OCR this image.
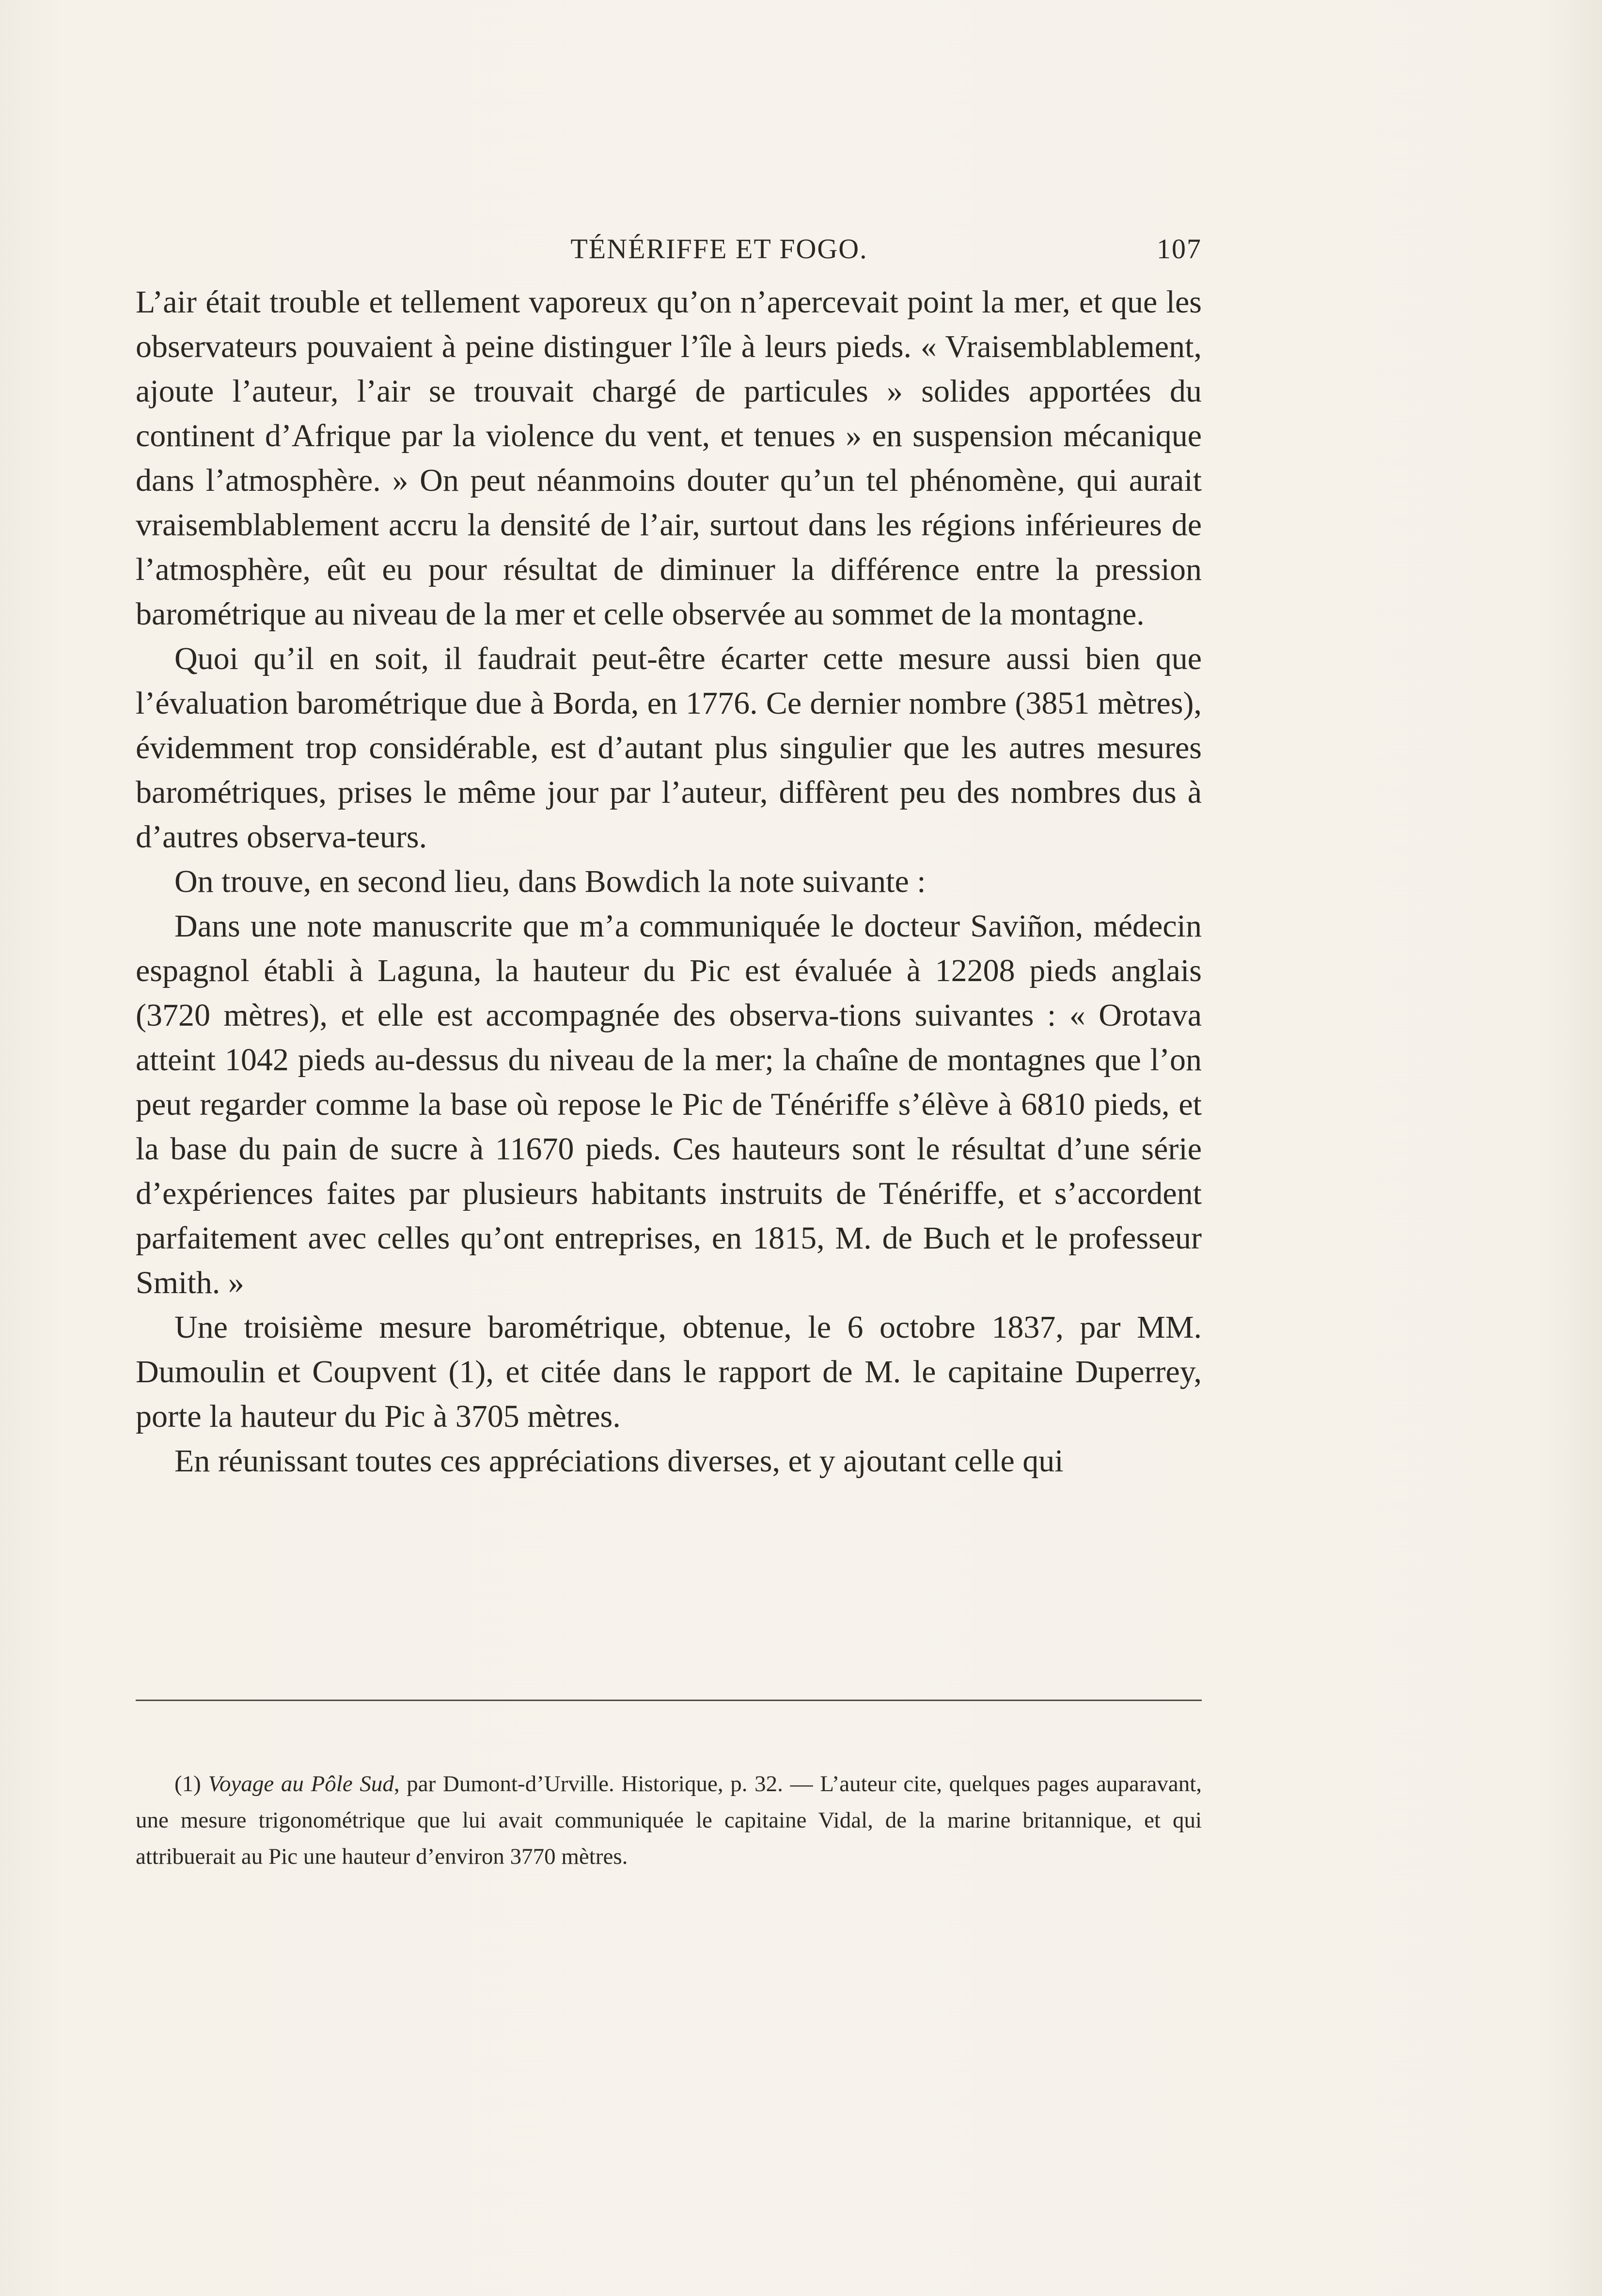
TÉNÉRIFFE ET FOGO.	107

L’air était trouble et tellement vaporeux qu’on n’apercevait point la mer, et que les observateurs pouvaient à peine distinguer l’île à leurs pieds. « Vraisemblablement, ajoute l’auteur, l’air se trouvait chargé de particules » solides apportées du continent d’Afrique par la violence du vent, et tenues » en suspension mécanique dans l’atmosphère. » On peut néanmoins douter qu’un tel phénomène, qui aurait vraisemblablement accru la densité de l’air, surtout dans les régions inférieures de l’atmosphère, eût eu pour résultat de diminuer la différence entre la pression barométrique au niveau de la mer et celle observée au sommet de la montagne.

Quoi qu’il en soit, il faudrait peut-être écarter cette mesure aussi bien que l’évaluation barométrique due à Borda, en 1776. Ce dernier nombre (3851 mètres), évidemment trop considérable, est d’autant plus singulier que les autres mesures barométriques, prises le même jour par l’auteur, diffèrent peu des nombres dus à d’autres observa-teurs.

On trouve, en second lieu, dans Bowdich la note suivante :

Dans une note manuscrite que m’a communiquée le docteur Saviñon, médecin espagnol établi à Laguna, la hauteur du Pic est évaluée à 12208 pieds anglais (3720 mètres), et elle est accompagnée des observa-tions suivantes : « Orotava atteint 1042 pieds au-dessus du niveau de la mer; la chaîne de montagnes que l’on peut regarder comme la base où repose le Pic de Ténériffe s’élève à 6810 pieds, et la base du pain de sucre à 11670 pieds. Ces hauteurs sont le résultat d’une série d’expériences faites par plusieurs habitants instruits de Ténériffe, et s’accordent parfaitement avec celles qu’ont entreprises, en 1815, M. de Buch et le professeur Smith. »

Une troisième mesure barométrique, obtenue, le 6 octobre 1837, par MM. Dumoulin et Coupvent (1), et citée dans le rapport de M. le capitaine Duperrey, porte la hauteur du Pic à 3705 mètres.

En réunissant toutes ces appréciations diverses, et y ajoutant celle qui

(1) Voyage au Pôle Sud, par Dumont-d’Urville. Historique, p. 32. — L’auteur cite, quelques pages auparavant, une mesure trigonométrique que lui avait communiquée le capitaine Vidal, de la marine britannique, et qui attribuerait au Pic une hauteur d’environ 3770 mètres.
